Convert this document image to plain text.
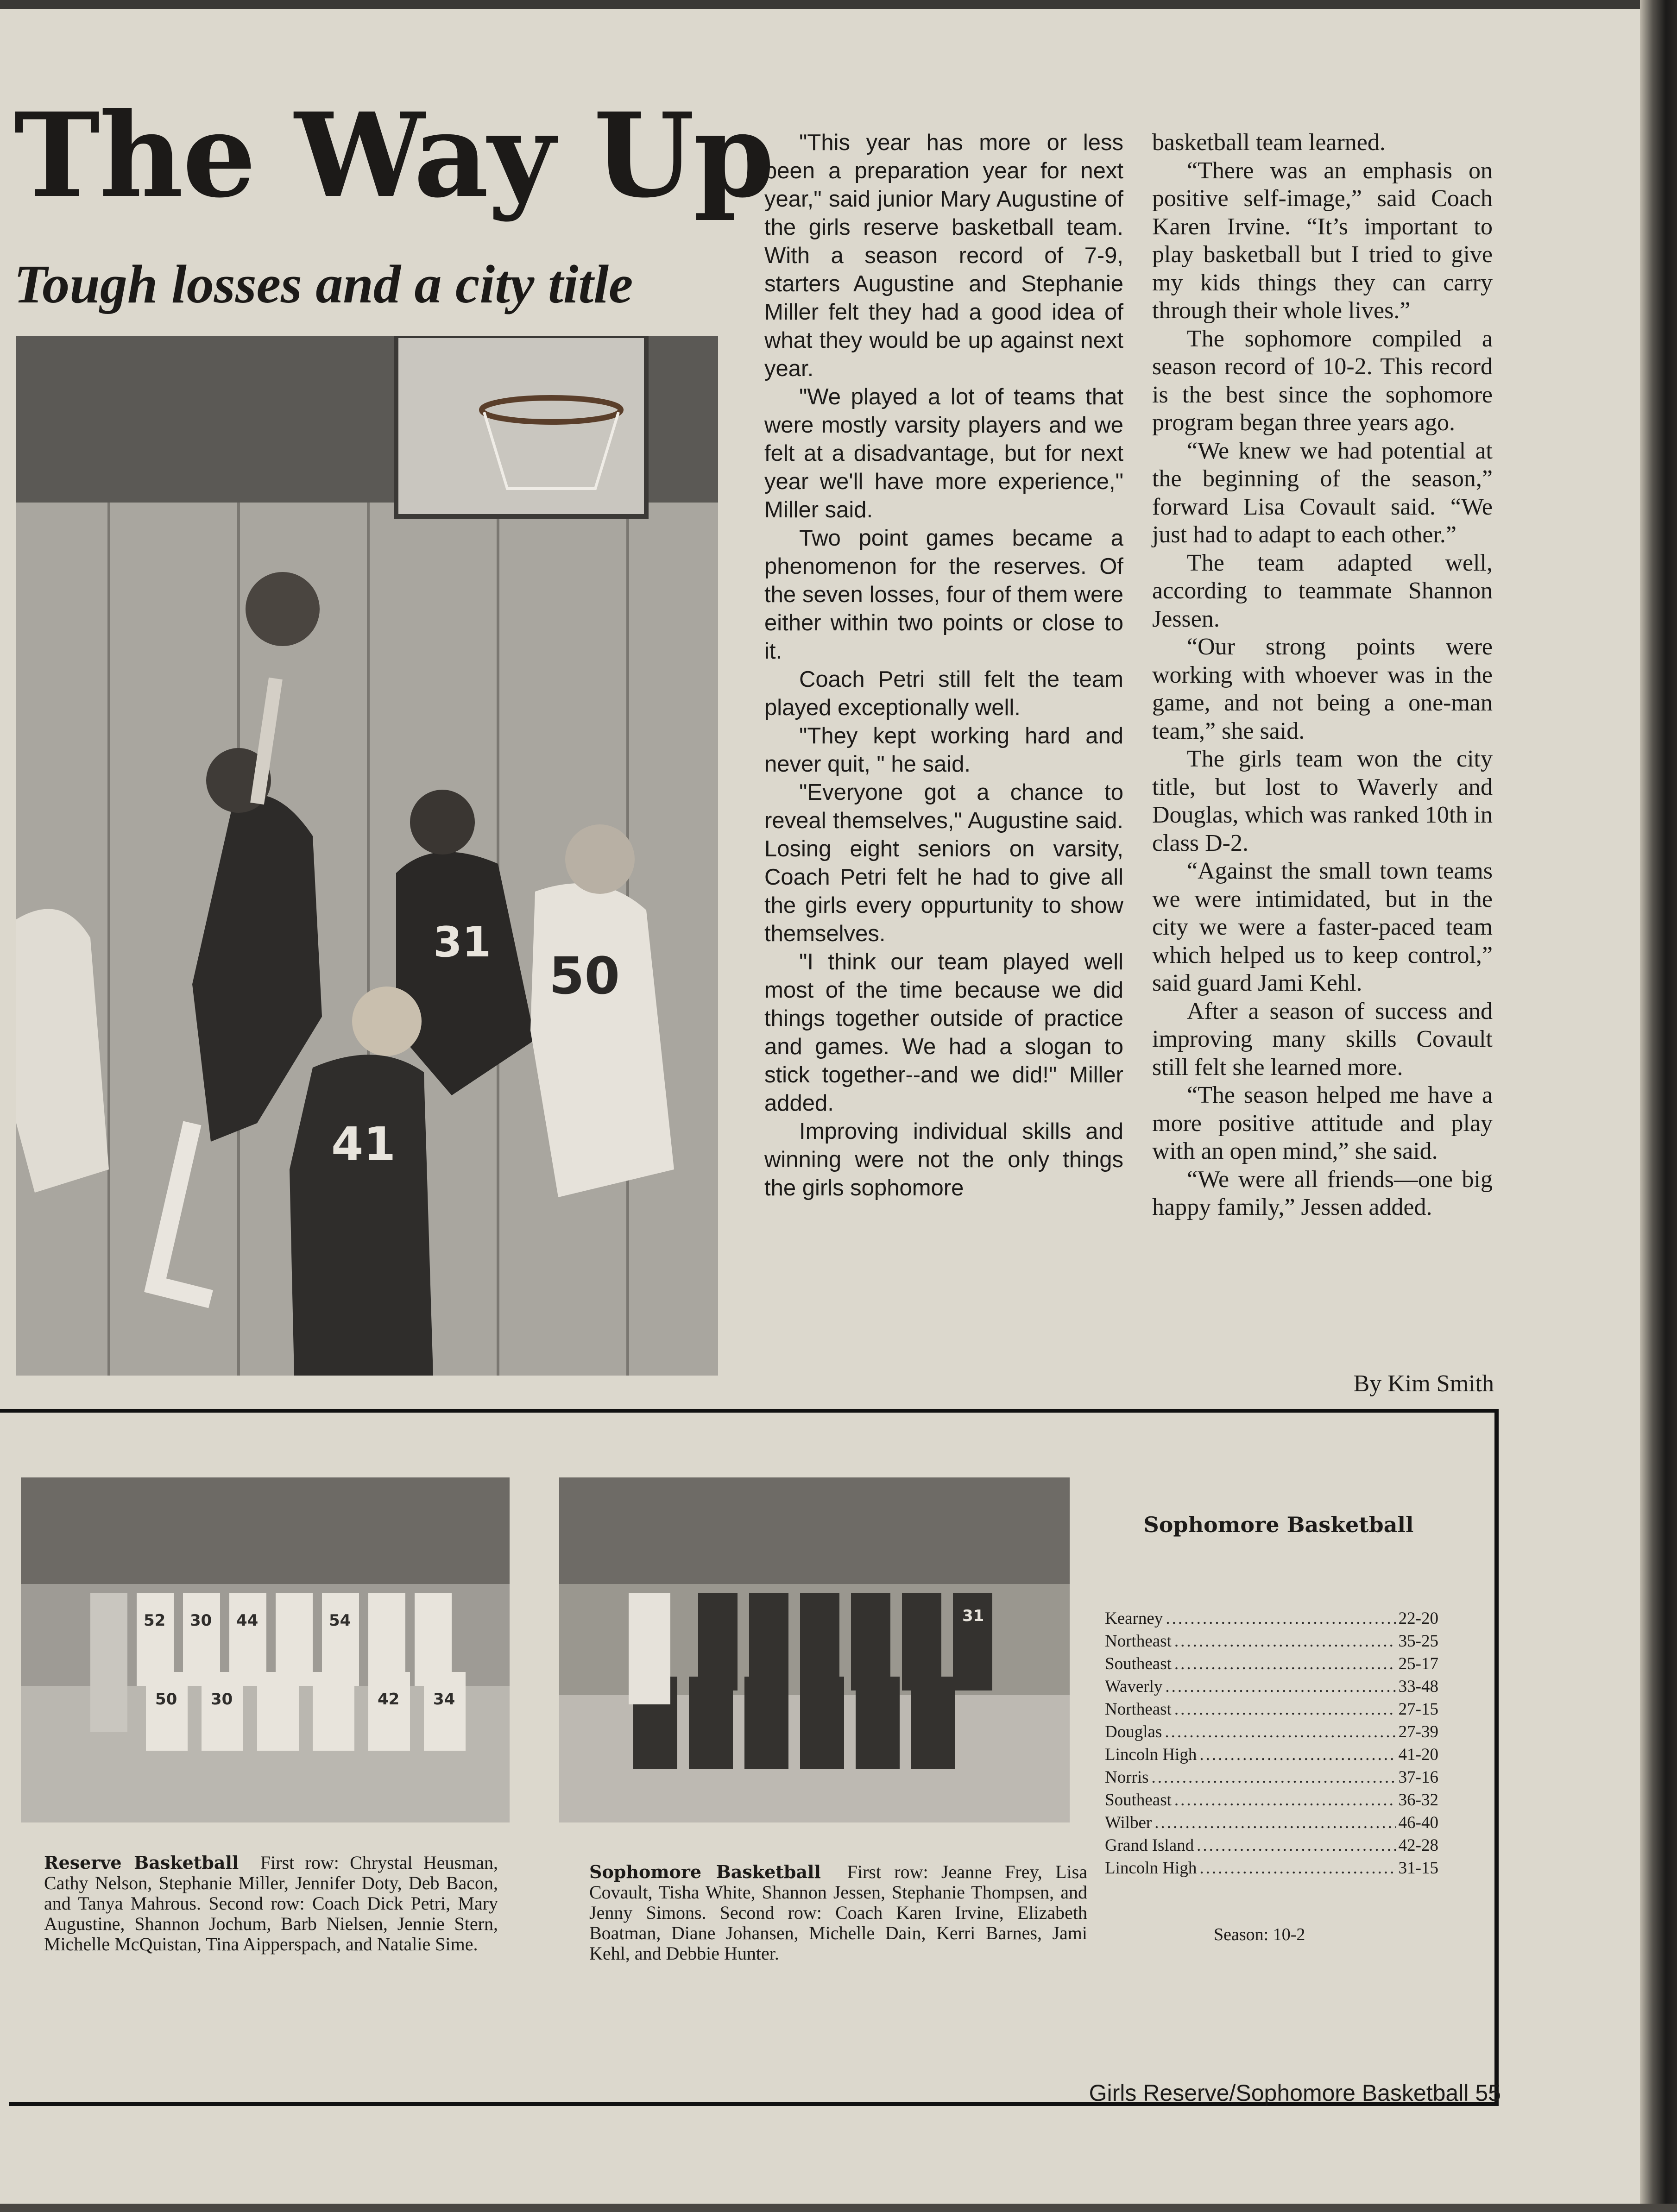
The Way Up
Tough losses and a city title
31
50
41

"This year has more or less been a preparation year for next year," said junior Mary Augustine of the girls reserve basketball team. With a season record of 7-9, starters Augustine and Stephanie Miller felt they had a good idea of what they would be up against next year.

"We played a lot of teams that were mostly varsity players and we felt at a disadvantage, but for next year we'll have more experience," Miller said.

Two point games became a phenomenon for the reserves. Of the seven losses, four of them were either within two points or close to it.

Coach Petri still felt the team played exceptionally well.

"They kept working hard and never quit, " he said.

"Everyone got a chance to reveal themselves," Augustine said. Losing eight seniors on varsity, Coach Petri felt he had to give all the girls every oppurtunity to show themselves.

"I think our team played well most of the time because we did things together outside of practice and games. We had a slogan to stick together--and we did!" Miller added.

Improving individual skills and winning were not the only things the girls sophomore

basketball team learned.

“There was an emphasis on positive self-image,” said Coach Karen Irvine. “It’s important to play basketball but I tried to give my kids things they can carry through their whole lives.”

The sophomore compiled a season record of 10-2. This record is the best since the sophomore program began three years ago.

“We knew we had potential at the beginning of the season,” forward Lisa Covault said. “We just had to adapt to each other.”

The team adapted well, according to teammate Shannon Jessen.

“Our strong points were working with whoever was in the game, and not being a one-man team,” she said.

The girls team won the city title, but lost to Waverly and Douglas, which was ranked 10th in class D-2.

“Against the small town teams we were intimidated, but in the city we were a faster-paced team which helped us to keep control,” said guard Jami Kehl.

After a season of success and improving many skills Covault still felt she learned more.

“The season helped me have a more positive attitude and play with an open mind,” she said.

“We were all friends—one big happy family,” Jessen added.

By Kim Smith

52 30 44	54
50 30	42 34
31

Reserve Basketball First row: Chrystal Heusman, Cathy Nelson, Stephanie Miller, Jennifer Doty, Deb Bacon, and Tanya Mahrous. Second row: Coach Dick Petri, Mary Augustine, Shannon Jochum, Barb Nielsen, Jennie Stern, Michelle McQuistan, Tina Aipperspach, and Natalie Sime.

Sophomore Basketball First row: Jeanne Frey, Lisa Covault, Tisha White, Shannon Jessen, Stephanie Thompsen, and Jenny Simons. Second row: Coach Karen Irvine, Elizabeth Boatman, Diane Johansen, Michelle Dain, Kerri Barnes, Jami Kehl, and Debbie Hunter.

Sophomore Basketball
Kearney .....	22-20
Northeast .....	35-25
Southeast .....	25-17
Waverly .....	33-48
Northeast .....	27-15
Douglas .....	27-39
Lincoln High .....	41-20
Norris .....	37-16
Southeast .....	36-32
Wilber .....	46-40
Grand Island .....	42-28
Lincoln High .....	31-15

Season: 10-2

Girls Reserve/Sophomore Basketball 55
